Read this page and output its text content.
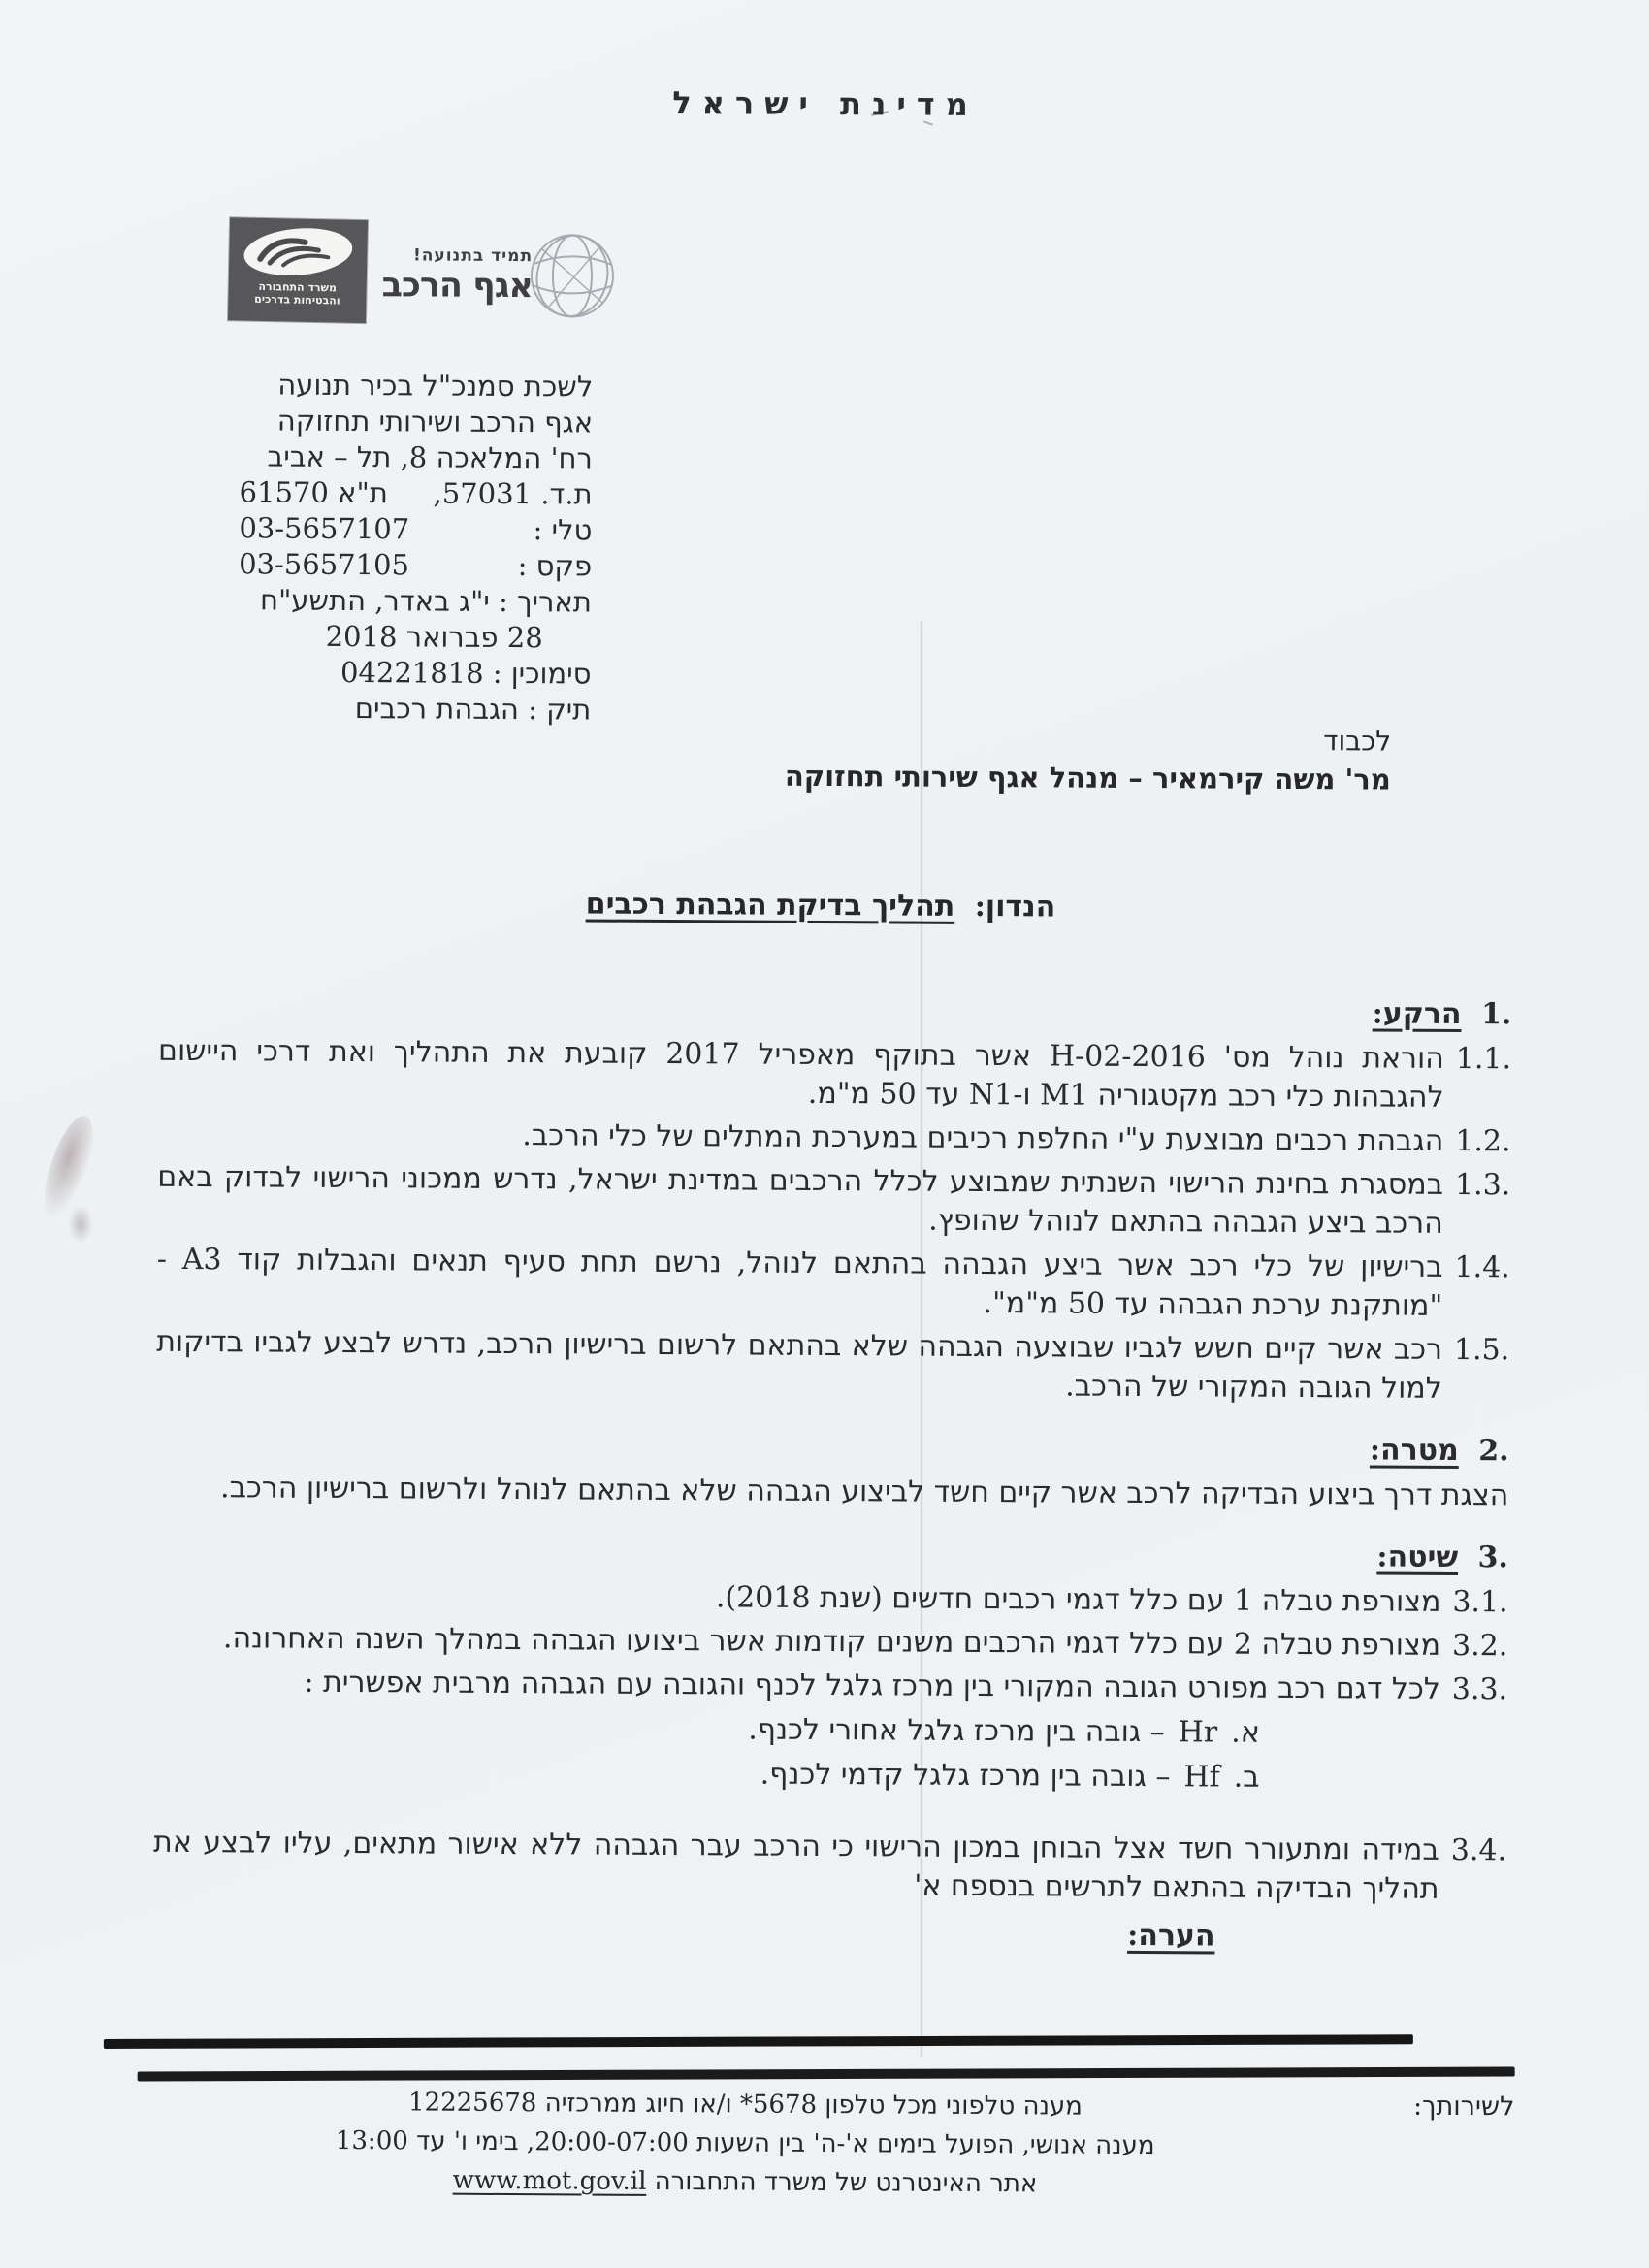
מדינת ישראל
משרד התחבורה
והבטיחות בדרכים
תמיד בתנועה!
אגף הרכב
לשכת סמנכ"ל בכיר תנועה
אגף הרכב ושירותי תחזוקה
רח' המלאכה 8, תל – אביב
ת.ד. 57031,
ת"א 61570
טלי :
03-5657107
פקס :
03-5657105
תאריך : י"ג באדר, התשע"ח
28 פברואר 2018
סימוכין : 04221818
תיק : הגבהת רכבים
לכבוד
מר' משה קירמאיר – מנהל אגף שירותי תחזוקה
הנדון: תהליך בדיקת הגבהת רכבים
1. הרקע:
1.1.
הוראת נוהל מס' H-02-2016 אשר בתוקף מאפריל 2017 קובעת את התהליך ואת דרכי היישום להגבהות כלי רכב מקטגוריה M1 ו-N1 עד 50 מ"מ.
1.2.
הגבהת רכבים מבוצעת ע"י החלפת רכיבים במערכת המתלים של כלי הרכב.
1.3.
במסגרת בחינת הרישוי השנתית שמבוצע לכלל הרכבים במדינת ישראל, נדרש ממכוני הרישוי לבדוק באם הרכב ביצע הגבהה בהתאם לנוהל שהופץ.
1.4.
ברישיון של כלי רכב אשר ביצע הגבהה בהתאם לנוהל, נרשם תחת סעיף תנאים והגבלות קוד A3 - "מותקנת ערכת הגבהה עד 50 מ"מ".
1.5.
רכב אשר קיים חשש לגביו שבוצעה הגבהה שלא בהתאם לרשום ברישיון הרכב, נדרש לבצע לגביו בדיקות למול הגובה המקורי של הרכב.
2. מטרה:
הצגת דרך ביצוע הבדיקה לרכב אשר קיים חשד לביצוע הגבהה שלא בהתאם לנוהל ולרשום ברישיון הרכב.
3. שיטה:
3.1.
מצורפת טבלה 1 עם כלל דגמי רכבים חדשים (שנת 2018).
3.2.
מצורפת טבלה 2 עם כלל דגמי הרכבים משנים קודמות אשר ביצועו הגבהה במהלך השנה האחרונה.
3.3.
לכל דגם רכב מפורט הגובה המקורי בין מרכז גלגל לכנף והגובה עם הגבהה מרבית אפשרית :
א.
Hr
– גובה בין מרכז גלגל אחורי לכנף.
ב.
Hf
– גובה בין מרכז גלגל קדמי לכנף.
3.4.
במידה ומתעורר חשד אצל הבוחן במכון הרישוי כי הרכב עבר הגבהה ללא אישור מתאים, עליו לבצע את תהליך הבדיקה בהתאם לתרשים בנספח א'
הערה:
לשירותך:
מענה טלפוני מכל טלפון 5678* ו/או חיוג ממרכזיה 12225678
מענה אנושי, הפועל בימים א'-ה' בין השעות 20:00-07:00, בימי ו' עד 13:00
אתר האינטרנט של משרד התחבורה www.mot.gov.il
